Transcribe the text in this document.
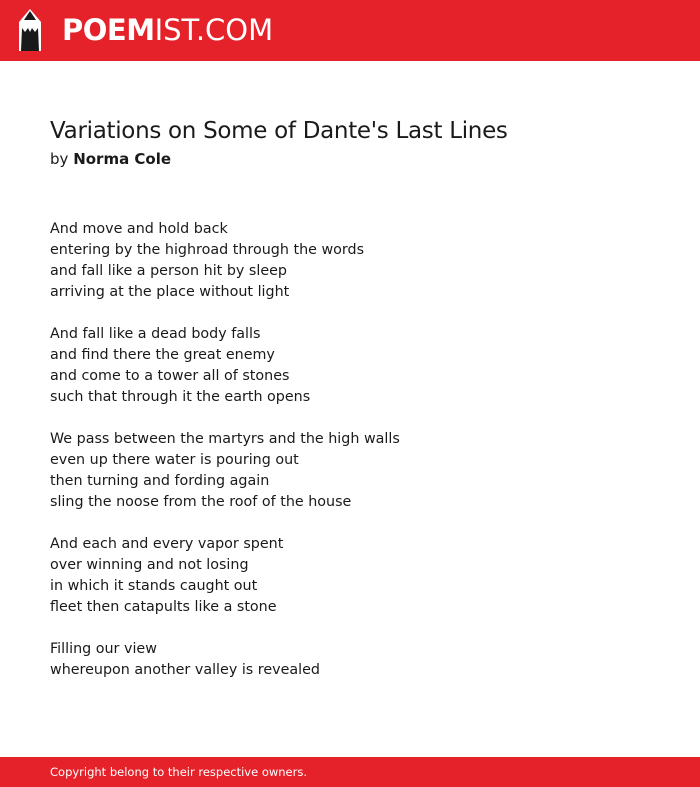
POEMIST.COM
Variations on Some of Dante's Last Lines
by Norma Cole
And move and hold back
entering by the highroad through the words
and fall like a person hit by sleep
arriving at the place without light
And fall like a dead body falls
and find there the great enemy
and come to a tower all of stones
such that through it the earth opens
We pass between the martyrs and the high walls
even up there water is pouring out
then turning and fording again
sling the noose from the roof of the house
And each and every vapor spent
over winning and not losing
in which it stands caught out
fleet then catapults like a stone
Filling our view
whereupon another valley is revealed
Copyright belong to their respective owners.
